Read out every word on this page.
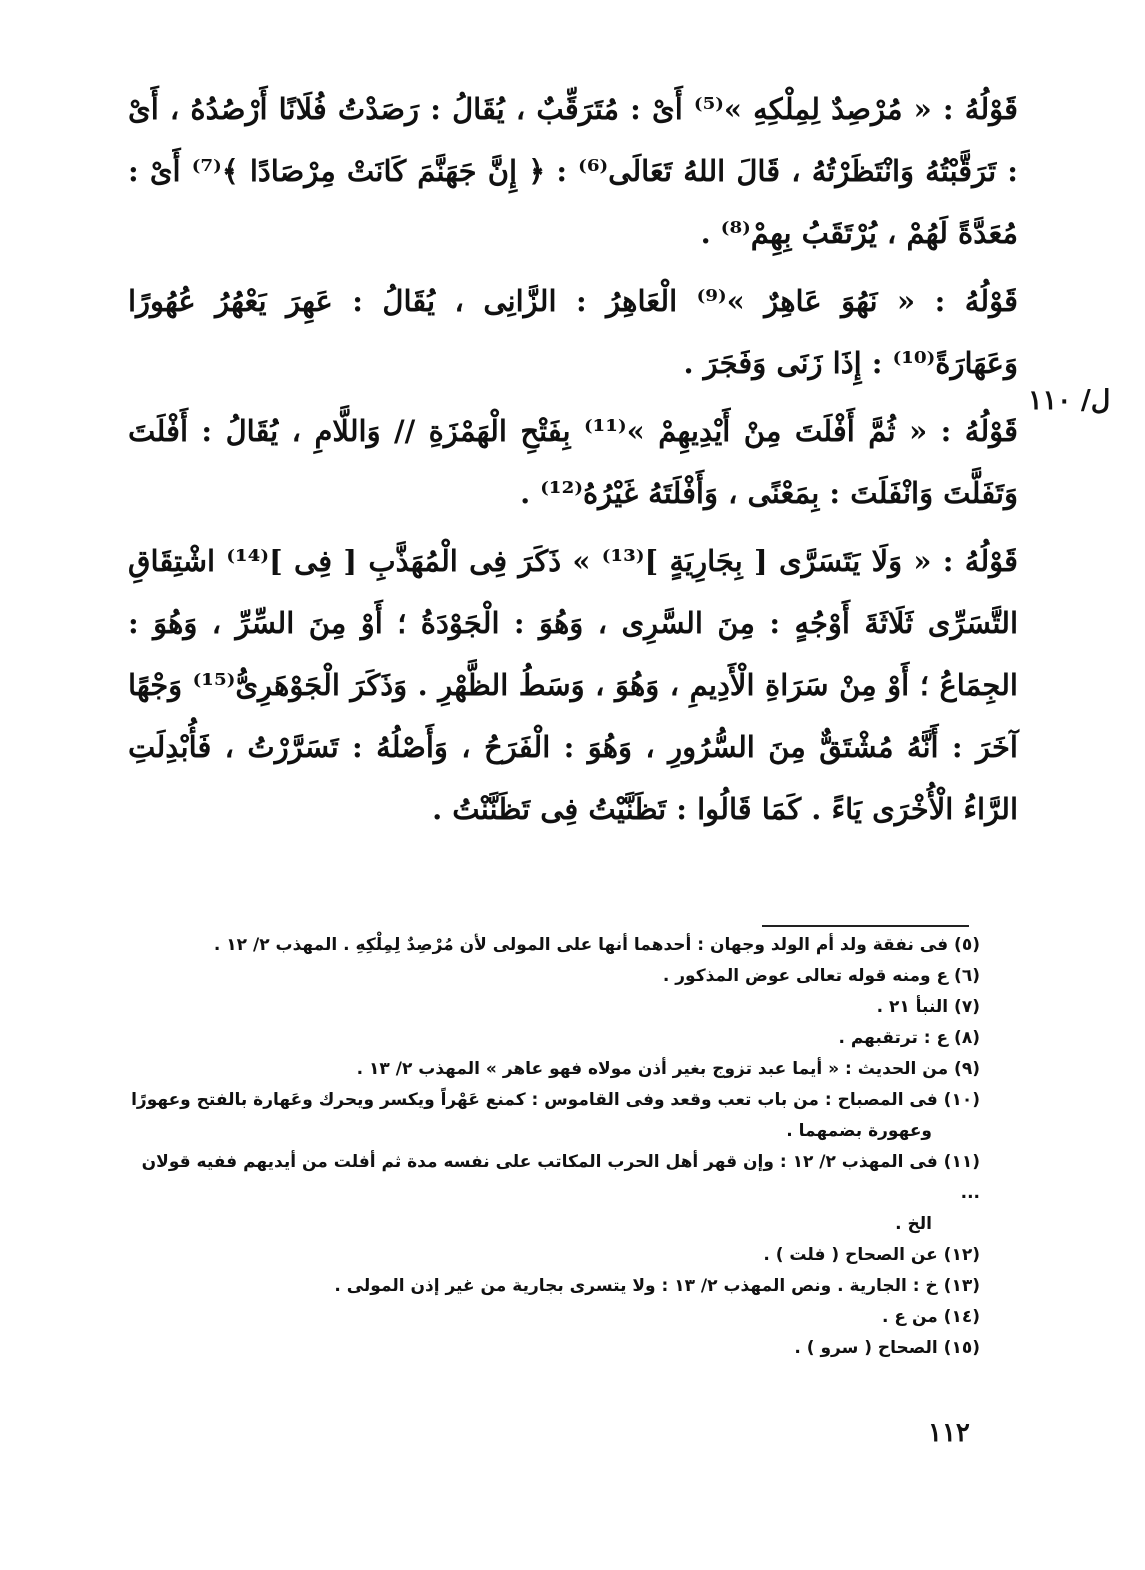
قَوْلُهُ : « مُرْصِدٌ لِمِلْكِهِ »⁽⁵⁾ أَىْ : مُتَرَقِّبٌ ، يُقَالُ : رَصَدْتُ فُلَانًا أَرْصُدُهُ ، أَىْ : تَرَقَّبْتُهُ وَانْتَظَرْتُهُ ، قَالَ اللهُ تَعَالَى⁽⁶⁾ : ﴿ إِنَّ جَهَنَّمَ كَانَتْ مِرْصَادًا ﴾⁽⁷⁾ أَىْ : مُعَدَّةً لَهُمْ ، يُرْتَقَبُ بِهِمْ⁽⁸⁾ .

قَوْلُهُ : « نَهُوَ عَاهِرٌ »⁽⁹⁾ الْعَاهِرُ : الزَّانِى ، يُقَالُ : عَهِرَ يَعْهُرُ عُهُورًا وَعَهَارَةً⁽¹⁰⁾ : إِذَا زَنَى وَفَجَرَ .

قَوْلُهُ : « ثُمَّ أَفْلَتَ مِنْ أَيْدِيهِمْ »⁽¹¹⁾ بِفَتْحِ الْهَمْزَةِ // وَاللَّامِ ، يُقَالُ : أَفْلَتَ وَتَفَلَّتَ وَانْفَلَتَ : بِمَعْنًى ، وَأَفْلَتَهُ غَيْرُهُ⁽¹²⁾ .

قَوْلُهُ : « وَلَا يَتَسَرَّى [ بِجَارِيَةٍ ]⁽¹³⁾ » ذَكَرَ فِى الْمُهَذَّبِ [ فِى ]⁽¹⁴⁾ اشْتِقَاقِ التَّسَرِّى ثَلَاثَةَ أَوْجُهٍ : مِنَ السَّرِى ، وَهُوَ : الْجَوْدَةُ ؛ أَوْ مِنَ السِّرِّ ، وَهُوَ : الجِمَاعُ ؛ أَوْ مِنْ سَرَاةِ الْأَدِيمِ ، وَهُوَ ، وَسَطُ الظَّهْرِ . وَذَكَرَ الْجَوْهَرِىُّ⁽¹⁵⁾ وَجْهًا آخَرَ : أَنَّهُ مُشْتَقٌّ مِنَ السُّرُورِ ، وَهُوَ : الْفَرَحُ ، وَأَصْلُهُ : تَسَرَّرْتُ ، فَأُبْدِلَتِ الرَّاءُ الْأُخْرَى يَاءً . كَمَا قَالُوا : تَظَنَّيْتُ فِى تَظَنَّنْتُ .

ل/ ١١٠

(٥) فى نفقة ولد أم الولد وجهان : أحدهما أنها على المولى لأن مُرْصِدٌ لِمِلْكِهِ . المهذب ٢/ ١٢ .

(٦) ع ومنه قوله تعالى عوض المذكور .

(٧) النبأ ٢١ .

(٨) ع : ترتقبهم .

(٩) من الحديث : « أيما عبد تزوج بغير أذن مولاه فهو عاهر » المهذب ٢/ ١٣ .

(١٠) فى المصباح : من باب تعب وقعد وفى القاموس : كمنع عَهْراً ويكسر ويحرك وعَهارة بالفتح وعهورًا

وعهورة بضمهما .

(١١) فى المهذب ٢/ ١٢ : وإن قهر أهل الحرب المكاتب على نفسه مدة ثم أفلت من أيديهم ففيه قولان ...

الخ .

(١٢) عن الصحاح ( فلت ) .

(١٣) خ : الجارية . ونص المهذب ٢/ ١٣ : ولا يتسرى بجارية من غير إذن المولى .

(١٤) من ع .

(١٥) الصحاح ( سرو ) .

١١٢
